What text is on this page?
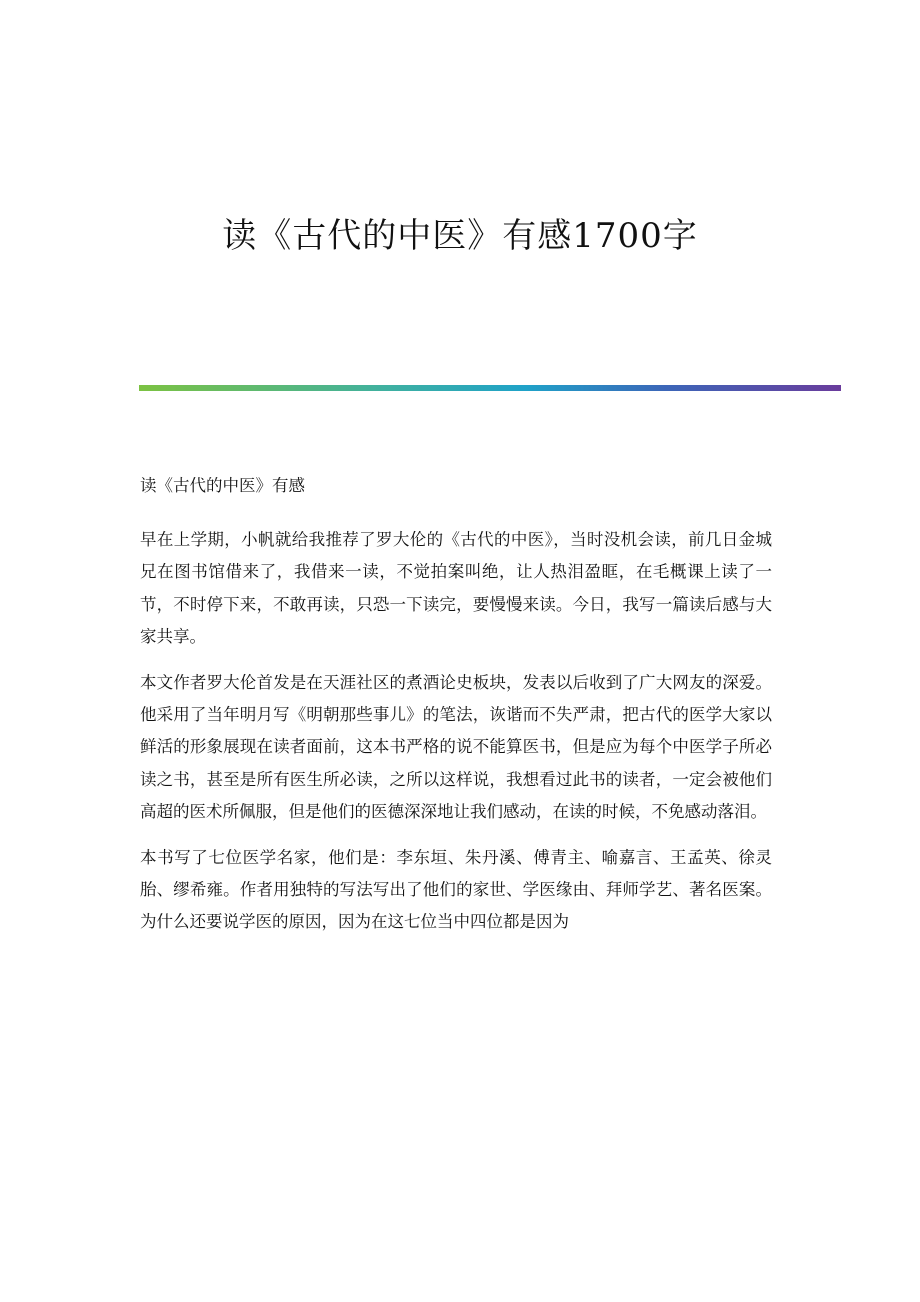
读《古代的中医》有感1700字

读《古代的中医》有感

早在上学期，小帆就给我推荐了罗大伦的《古代的中医》，当时没机会读，前几日金城兄在图书馆借来了，我借来一读，不觉拍案叫绝，让人热泪盈眶，在毛概课上读了一节，不时停下来，不敢再读，只恐一下读完，要慢慢来读。今日，我写一篇读后感与大家共享。

本文作者罗大伦首发是在天涯社区的煮酒论史板块，发表以后收到了广大网友的深爱。他采用了当年明月写《明朝那些事儿》的笔法，诙谐而不失严肃，把古代的医学大家以鲜活的形象展现在读者面前，这本书严格的说不能算医书，但是应为每个中医学子所必读之书，甚至是所有医生所必读，之所以这样说，我想看过此书的读者，一定会被他们高超的医术所佩服，但是他们的医德深深地让我们感动，在读的时候，不免感动落泪。

本书写了七位医学名家，他们是：李东垣、朱丹溪、傅青主、喻嘉言、王孟英、徐灵胎、缪希雍。作者用独特的写法写出了他们的家世、学医缘由、拜师学艺、著名医案。为什么还要说学医的原因，因为在这七位当中四位都是因为
